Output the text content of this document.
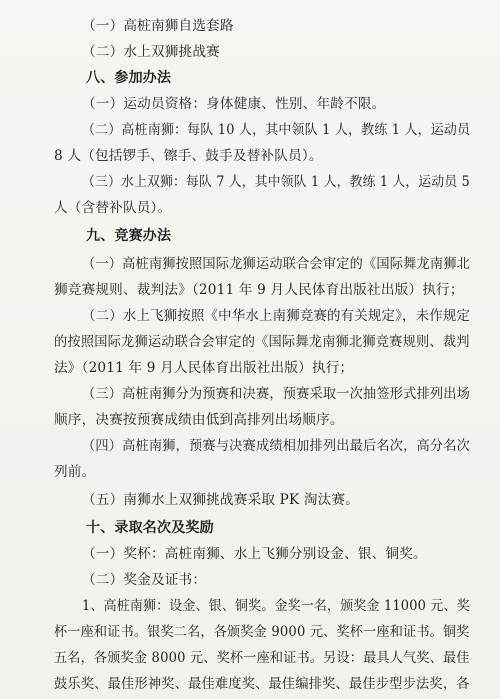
（一）高桩南狮自选套路
（二）水上双狮挑战赛
八、参加办法
（一）运动员资格：身体健康、性别、年龄不限。
（二）高桩南狮：每队 10 人，其中领队 1 人，教练 1 人，运动员
8 人（包括锣手、镲手、鼓手及替补队员）。
（三）水上双狮：每队 7 人，其中领队 1 人，教练 1 人，运动员 5
人（含替补队员）。
九、竞赛办法
（一）高桩南狮按照国际龙狮运动联合会审定的《国际舞龙南狮北
狮竞赛规则、裁判法》（2011 年 9 月人民体育出版社出版）执行；
（二）水上飞狮按照《中华水上南狮竞赛的有关规定》，未作规定
的按照国际龙狮运动联合会审定的《国际舞龙南狮北狮竞赛规则、裁判
法》（2011 年 9 月人民体育出版社出版）执行；
（三）高桩南狮分为预赛和决赛，预赛采取一次抽签形式排列出场
顺序，决赛按预赛成绩由低到高排列出场顺序。
（四）高桩南狮，预赛与决赛成绩相加排列出最后名次，高分名次
列前。
（五）南狮水上双狮挑战赛采取 PK 淘汰赛。
十、录取名次及奖励
（一）奖杯：高桩南狮、水上飞狮分别设金、银、铜奖。
（二）奖金及证书：
1、高桩南狮：设金、银、铜奖。金奖一名，颁奖金 11000 元、奖
杯一座和证书。银奖二名，各颁奖金 9000 元、奖杯一座和证书。铜奖
五名，各颁奖金 8000 元、奖杯一座和证书。另设：最具人气奖、最佳
鼓乐奖、最佳形神奖、最佳难度奖、最佳编排奖、最佳步型步法奖，各
